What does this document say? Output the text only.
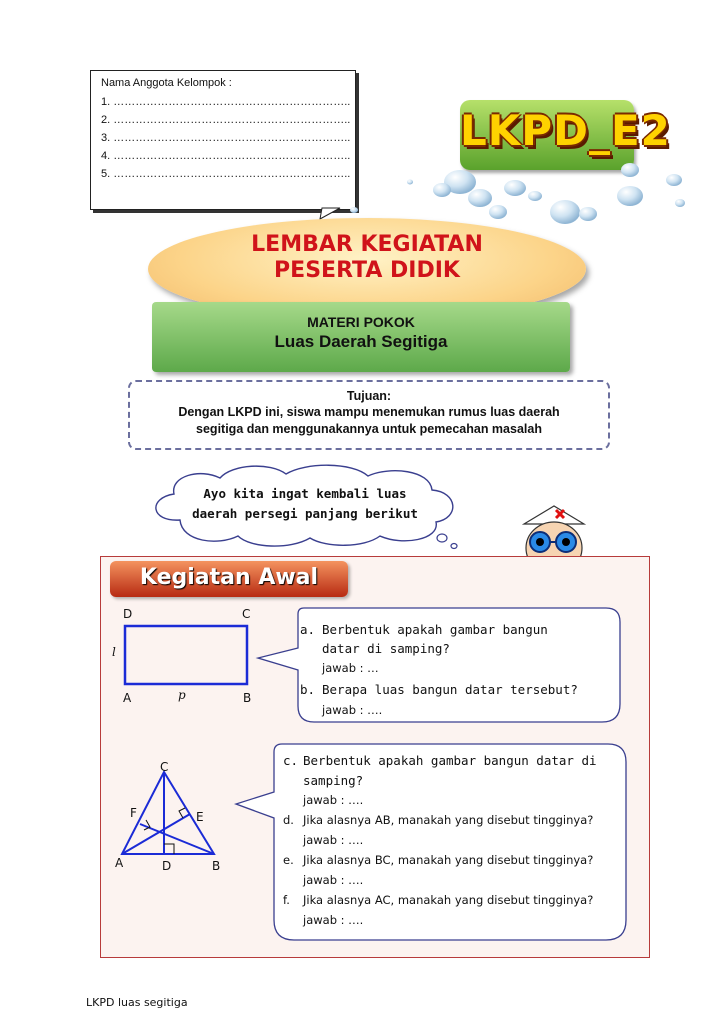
Nama Anggota Kelompok :
1. ………………………………………………………..
2. ………………………………………………………..
3. ………………………………………………………..
4. ………………………………………………………..
5. ………………………………………………………..
LKPD_E2
LEMBAR KEGIATAN
PESERTA DIDIK
MATERI POKOK
Luas Daerah Segitiga
Tujuan:
Dengan LKPD ini, siswa mampu menemukan rumus luas daerah
segitiga dan menggunakannya untuk pemecahan masalah
Ayo kita ingat kembali luas
daerah persegi panjang berikut
Kegiatan Awal
D	C
l
A	p	B
a. Berbentuk apakah gambar bangun
datar di samping?
jawab : …
b. Berapa luas bangun datar tersebut?
jawab : ….
C
F	E
A	D	B
c. Berbentuk apakah gambar bangun datar di
samping?
jawab : ….
d. Jika alasnya AB, manakah yang disebut tingginya?
jawab : ….
e. Jika alasnya BC, manakah yang disebut tingginya?
jawab : ….
f. Jika alasnya AC, manakah yang disebut tingginya?
jawab : ….
LKPD luas segitiga
